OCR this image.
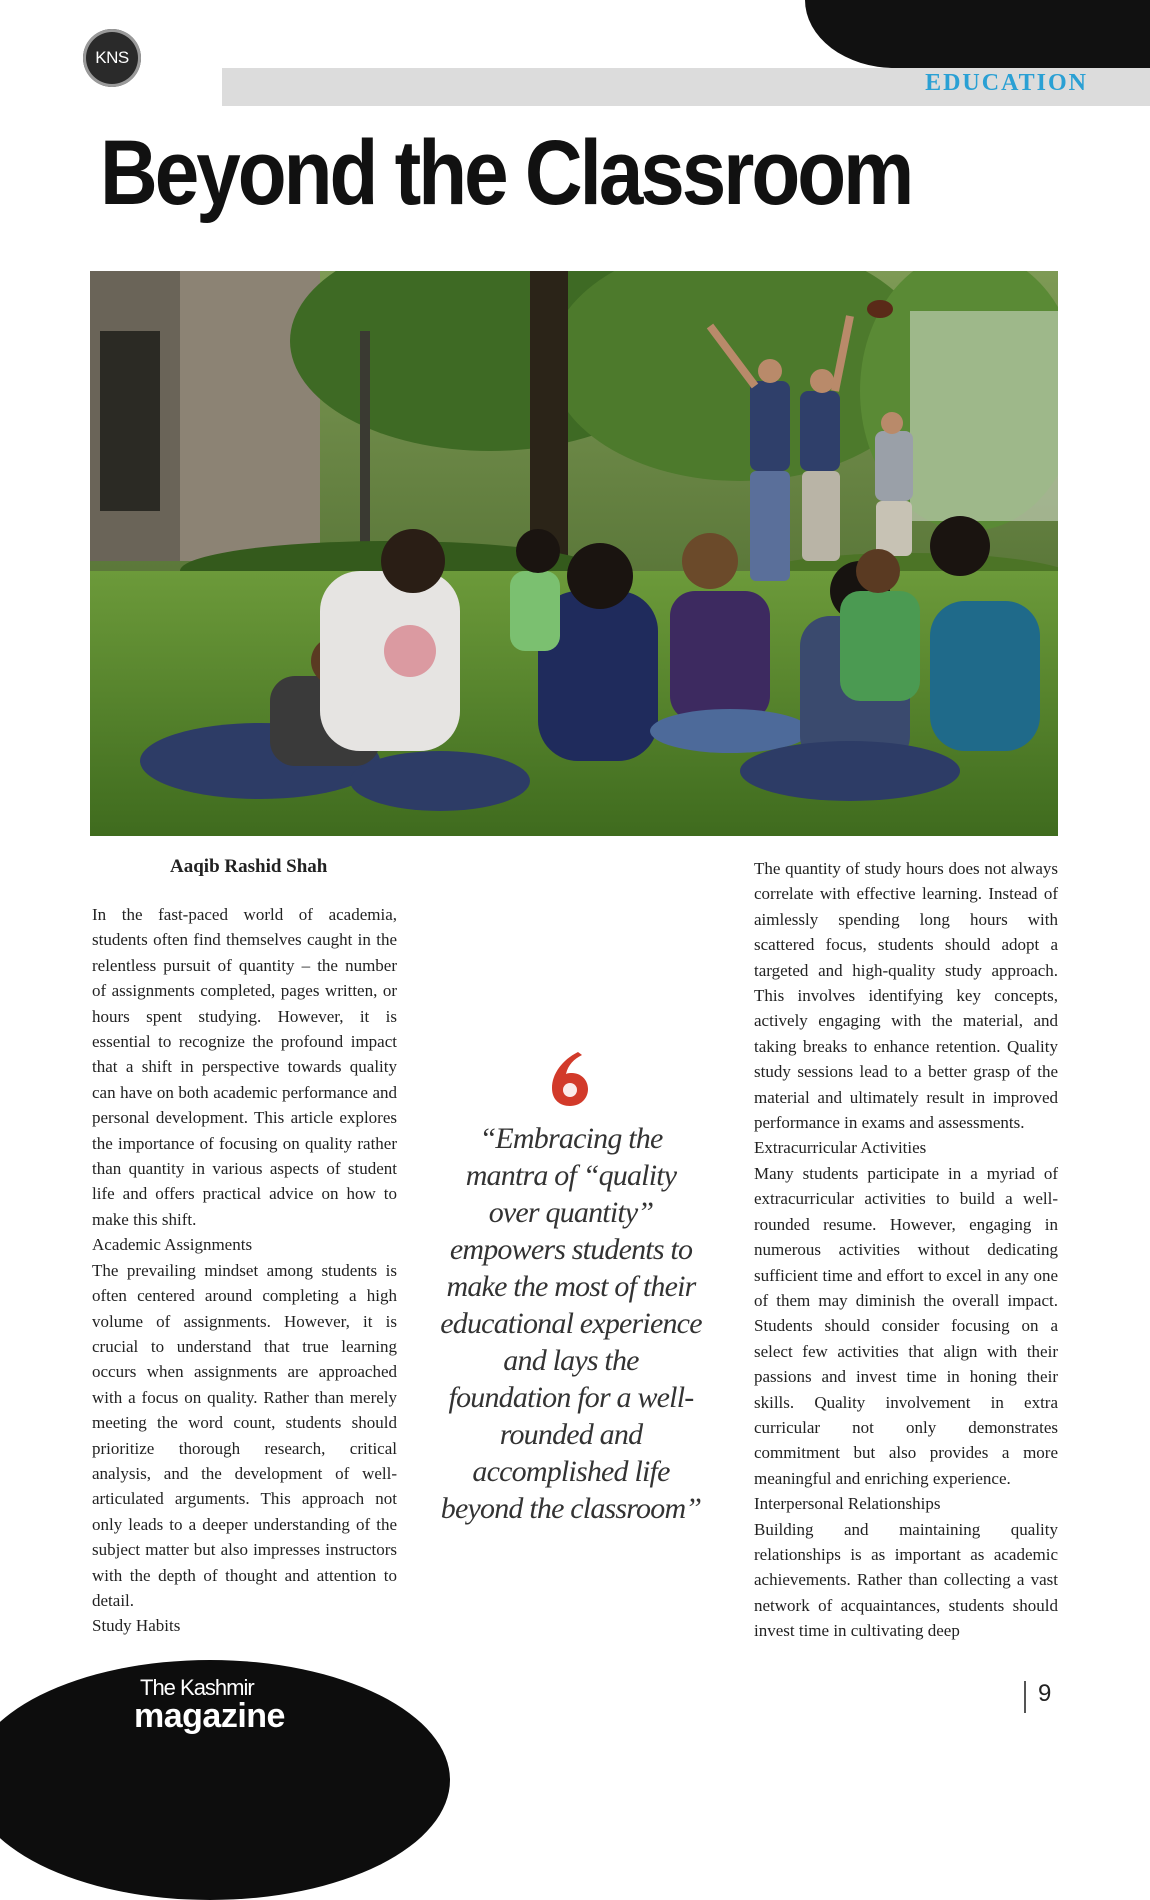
EDUCATION
KNS
Beyond the Classroom
Aaqib Rashid Shah

In the fast-paced world of academia, students often find themselves caught in the relentless pursuit of quantity – the number of assignments completed, pages written, or hours spent studying. However, it is essential to recognize the profound impact that a shift in perspective towards quality can have on both academic performance and personal development. This article explores the importance of focusing on quality rather than quantity in various aspects of student life and offers practical advice on how to make this shift.

Academic Assignments

The prevailing mindset among students is often centered around completing a high volume of assignments. However, it is crucial to understand that true learning occurs when assignments are approached with a focus on quality. Rather than merely meeting the word count, students should prioritize thorough research, critical analysis, and the development of well-articulated arguments. This approach not only leads to a deeper understanding of the subject matter but also impresses instructors with the depth of thought and attention to detail.

Study Habits

“Embracing the mantra of “quality over quantity” empowers students to make the most of their educational experience and lays the foundation for a well-rounded and accomplished life beyond the classroom”

The quantity of study hours does not always correlate with effective learning. Instead of aimlessly spending long hours with scattered focus, students should adopt a targeted and high-quality study approach. This involves identifying key concepts, actively engaging with the material, and taking breaks to enhance retention. Quality study sessions lead to a better grasp of the material and ultimately result in improved performance in exams and assessments.

Extracurricular Activities

Many students participate in a myriad of extracurricular activities to build a well-rounded resume. However, engaging in numerous activities without dedicating sufficient time and effort to excel in any one of them may diminish the overall impact. Students should consider focusing on a select few activities that align with their passions and invest time in honing their skills. Quality involvement in extra curricular not only demonstrates commitment but also provides a more meaningful and enriching experience.

Interpersonal Relationships

Building and maintaining quality relationships is as important as academic achievements. Rather than collecting a vast network of acquaintances, students should invest time in cultivating deep

The Kashmir
magazine
9
